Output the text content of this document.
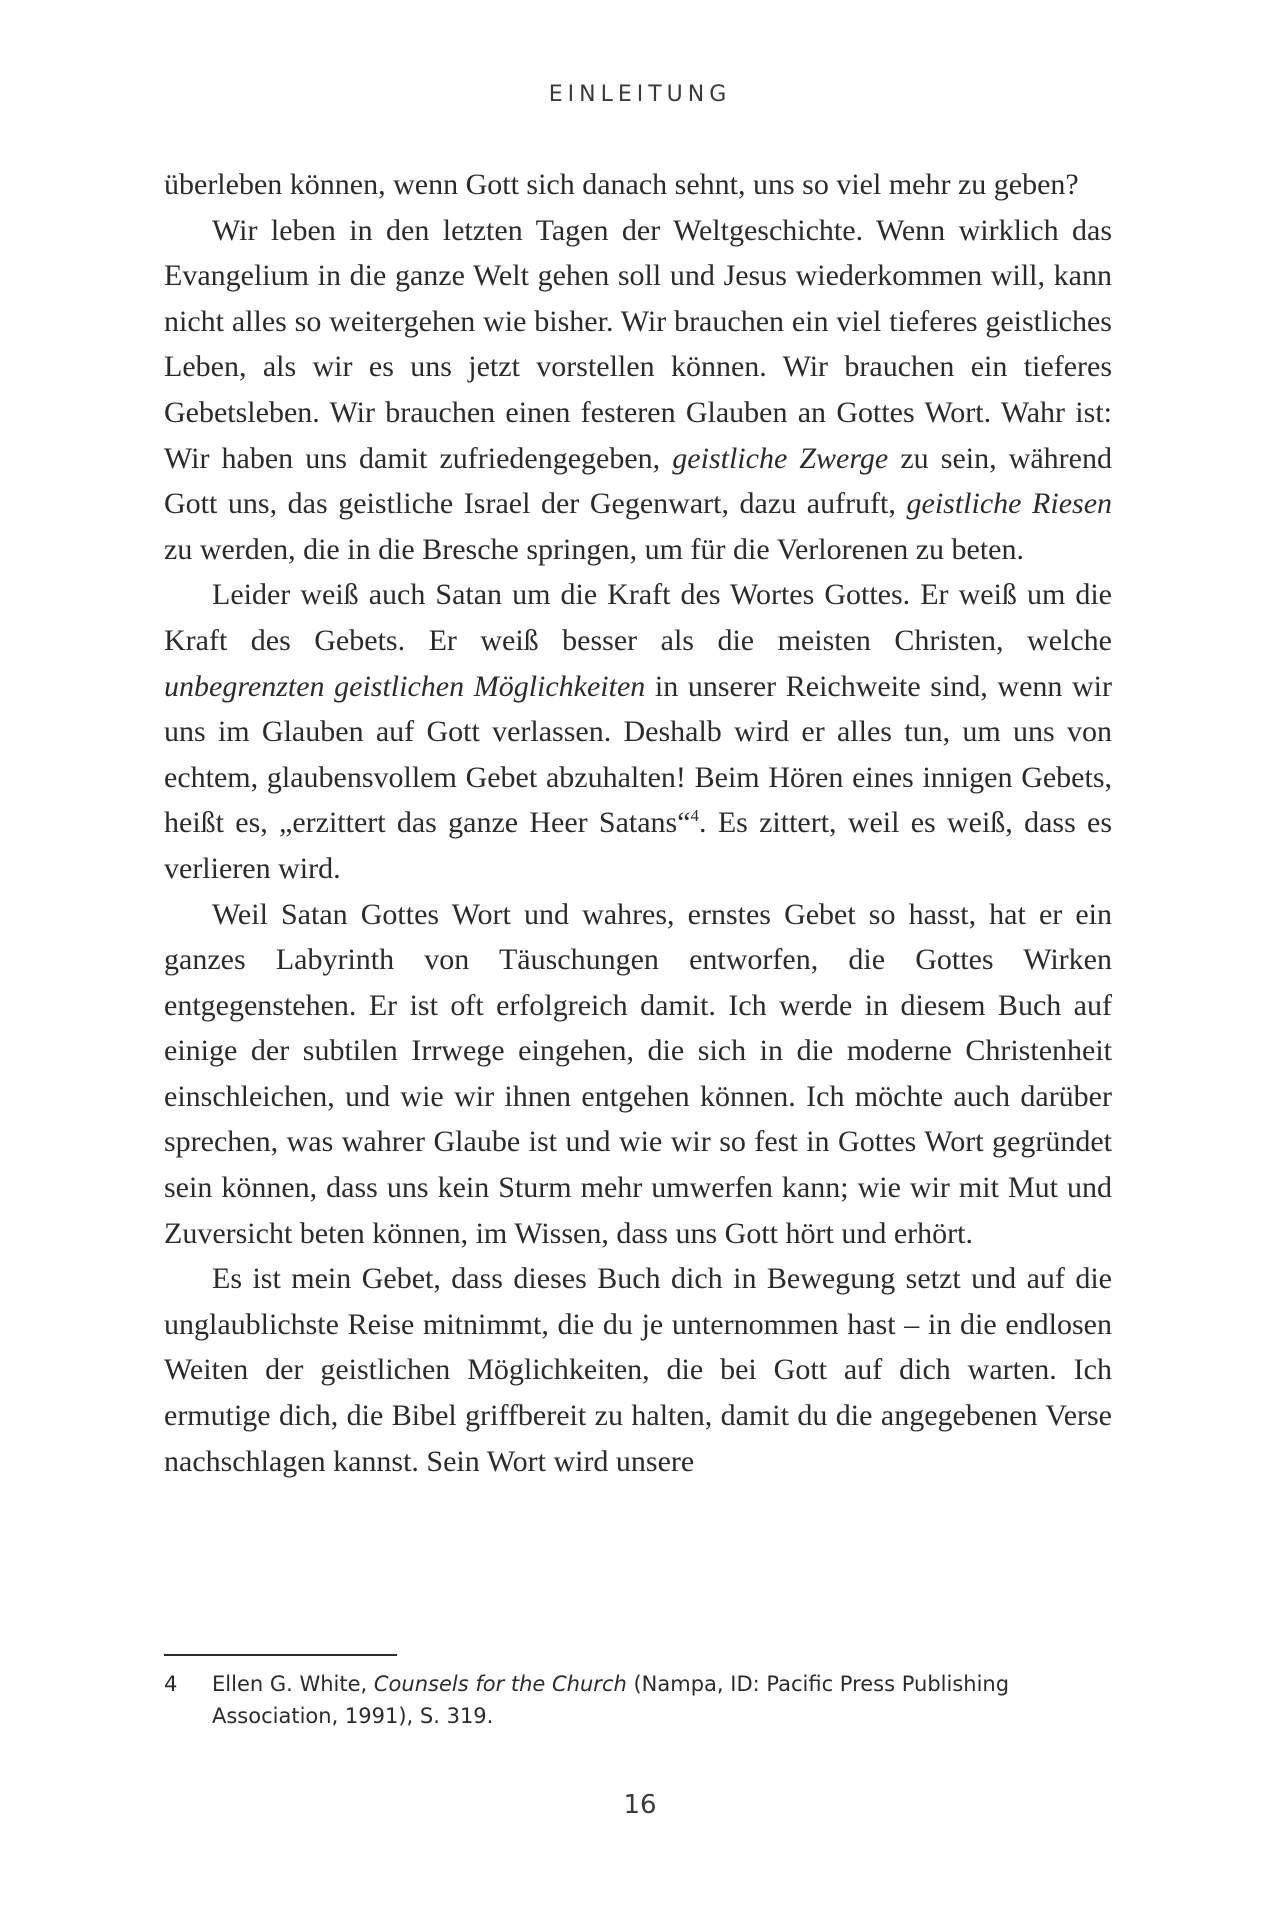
EINLEITUNG

überleben können, wenn Gott sich danach sehnt, uns so viel mehr zu geben?

Wir leben in den letzten Tagen der Weltgeschichte. Wenn wirklich das Evangelium in die ganze Welt gehen soll und Jesus wiederkommen will, kann nicht alles so weitergehen wie bisher. Wir brauchen ein viel tieferes geistliches Leben, als wir es uns jetzt vorstellen können. Wir brauchen ein tieferes Gebetsleben. Wir brauchen einen festeren Glauben an Gottes Wort. Wahr ist: Wir haben uns damit zufriedengegeben, geistliche Zwerge zu sein, während Gott uns, das geistliche Israel der Gegenwart, dazu aufruft, geistliche Riesen zu werden, die in die Bresche springen, um für die Verlorenen zu beten.

Leider weiß auch Satan um die Kraft des Wortes Gottes. Er weiß um die Kraft des Gebets. Er weiß besser als die meisten Christen, welche unbegrenzten geistlichen Möglichkeiten in unserer Reichweite sind, wenn wir uns im Glauben auf Gott verlassen. Deshalb wird er alles tun, um uns von echtem, glaubensvollem Gebet abzuhalten! Beim Hören eines innigen Gebets, heißt es, „erzittert das ganze Heer Satans“$^4$. Es zittert, weil es weiß, dass es verlieren wird.

Weil Satan Gottes Wort und wahres, ernstes Gebet so hasst, hat er ein ganzes Labyrinth von Täuschungen entworfen, die Gottes Wirken entgegenstehen. Er ist oft erfolgreich damit. Ich werde in diesem Buch auf einige der subtilen Irrwege eingehen, die sich in die moderne Christenheit einschleichen, und wie wir ihnen entgehen können. Ich möchte auch darüber sprechen, was wahrer Glaube ist und wie wir so fest in Gottes Wort gegründet sein können, dass uns kein Sturm mehr umwerfen kann; wie wir mit Mut und Zuversicht beten können, im Wissen, dass uns Gott hört und erhört.

Es ist mein Gebet, dass dieses Buch dich in Bewegung setzt und auf die unglaublichste Reise mitnimmt, die du je unternommen hast – in die endlosen Weiten der geistlichen Möglichkeiten, die bei Gott auf dich warten. Ich ermutige dich, die Bibel griffbereit zu halten, damit du die angegebenen Verse nachschlagen kannst. Sein Wort wird unsere

4	Ellen G. White, Counsels for the Church (Nampa, ID: Pacific Press Publishing Association, 1991), S. 319.
16
